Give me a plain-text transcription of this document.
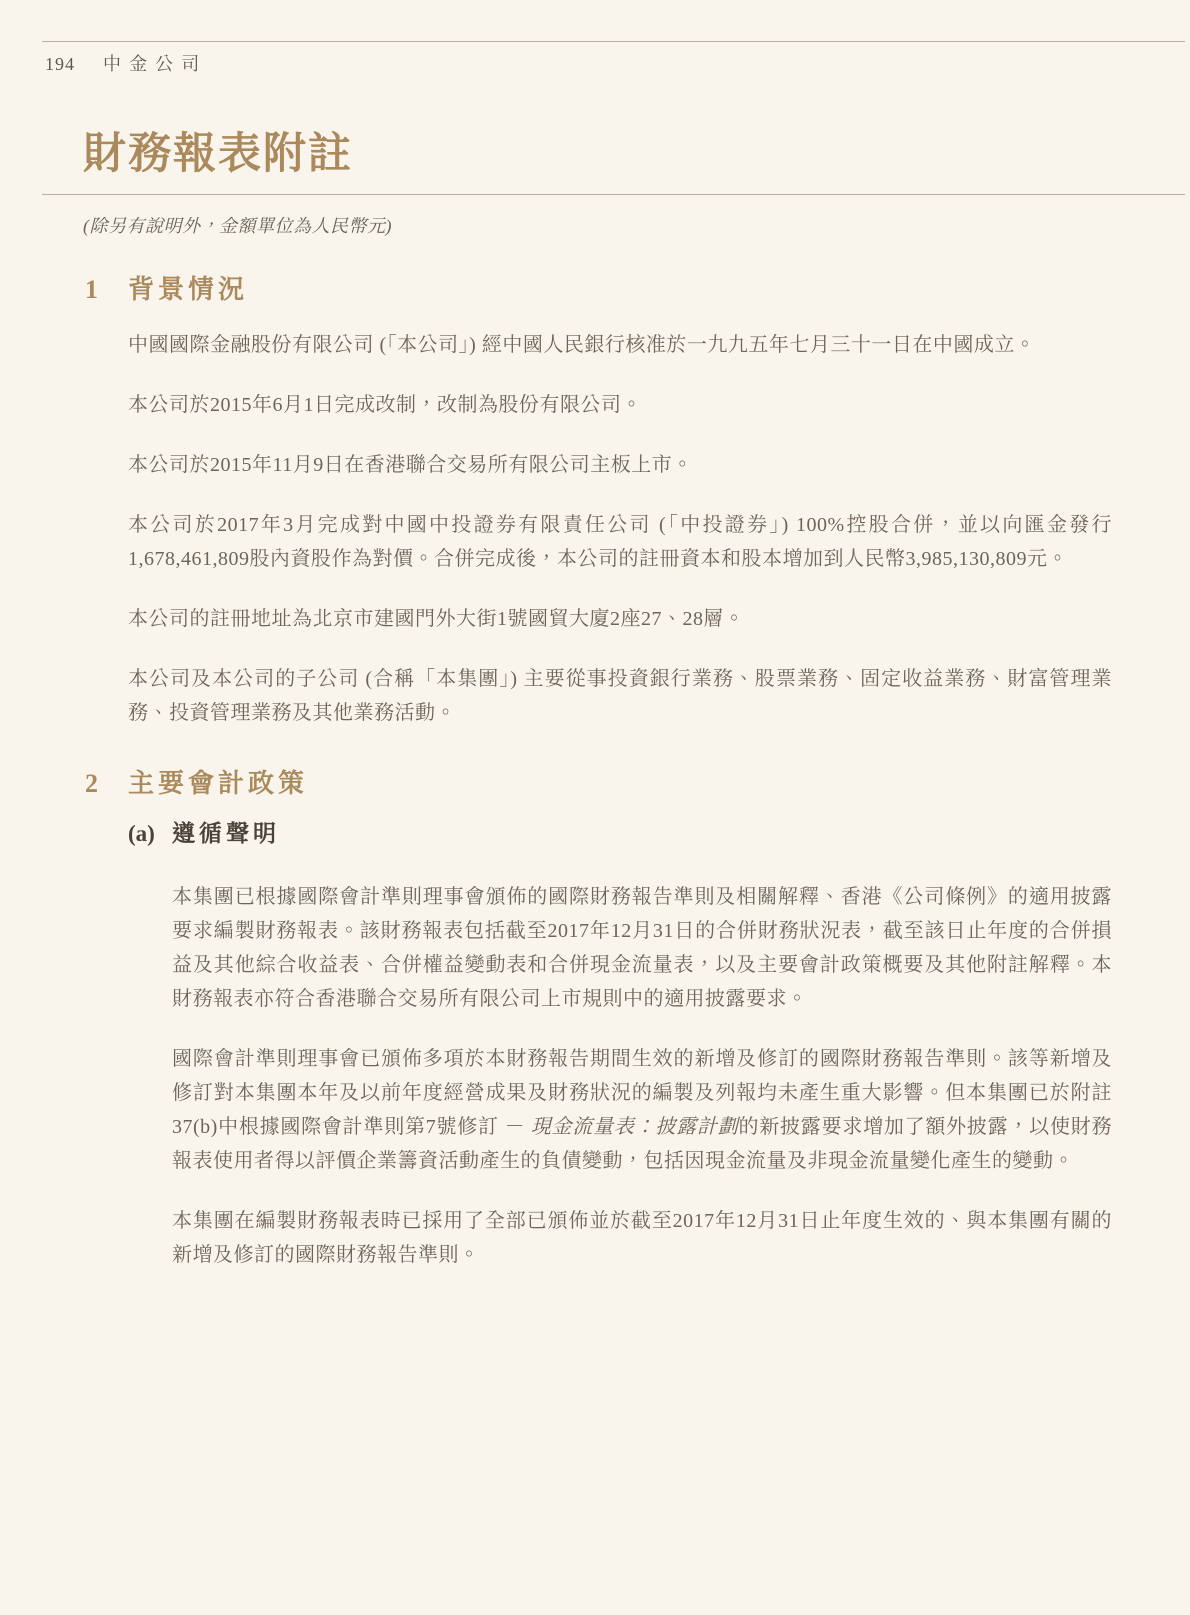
194 中金公司
財務報表附註
(除另有說明外，金額單位為人民幣元)
1	背景情況

中國國際金融股份有限公司 (「本公司」) 經中國人民銀行核准於一九九五年七月三十一日在中國成立。

本公司於2015年6月1日完成改制，改制為股份有限公司。

本公司於2015年11月9日在香港聯合交易所有限公司主板上市。

本公司於2017年3月完成對中國中投證券有限責任公司 (「中投證券」) 100%控股合併，並以向匯金發行1,678,461,809股內資股作為對價。合併完成後，本公司的註冊資本和股本增加到人民幣3,985,130,809元。

本公司的註冊地址為北京市建國門外大街1號國貿大廈2座27、28層。

本公司及本公司的子公司 (合稱「本集團」) 主要從事投資銀行業務、股票業務、固定收益業務、財富管理業務、投資管理業務及其他業務活動。

2	主要會計政策
(a) 遵循聲明

本集團已根據國際會計準則理事會頒佈的國際財務報告準則及相關解釋、香港《公司條例》的適用披露要求編製財務報表。該財務報表包括截至2017年12月31日的合併財務狀況表，截至該日止年度的合併損益及其他綜合收益表、合併權益變動表和合併現金流量表，以及主要會計政策概要及其他附註解釋。本財務報表亦符合香港聯合交易所有限公司上市規則中的適用披露要求。

國際會計準則理事會已頒佈多項於本財務報告期間生效的新增及修訂的國際財務報告準則。該等新增及修訂對本集團本年及以前年度經營成果及財務狀況的編製及列報均未產生重大影響。但本集團已於附註37(b)中根據國際會計準則第7號修訂 － 現金流量表：披露計劃的新披露要求增加了額外披露，以使財務報表使用者得以評價企業籌資活動產生的負債變動，包括因現金流量及非現金流量變化產生的變動。

本集團在編製財務報表時已採用了全部已頒佈並於截至2017年12月31日止年度生效的、與本集團有關的新增及修訂的國際財務報告準則。
